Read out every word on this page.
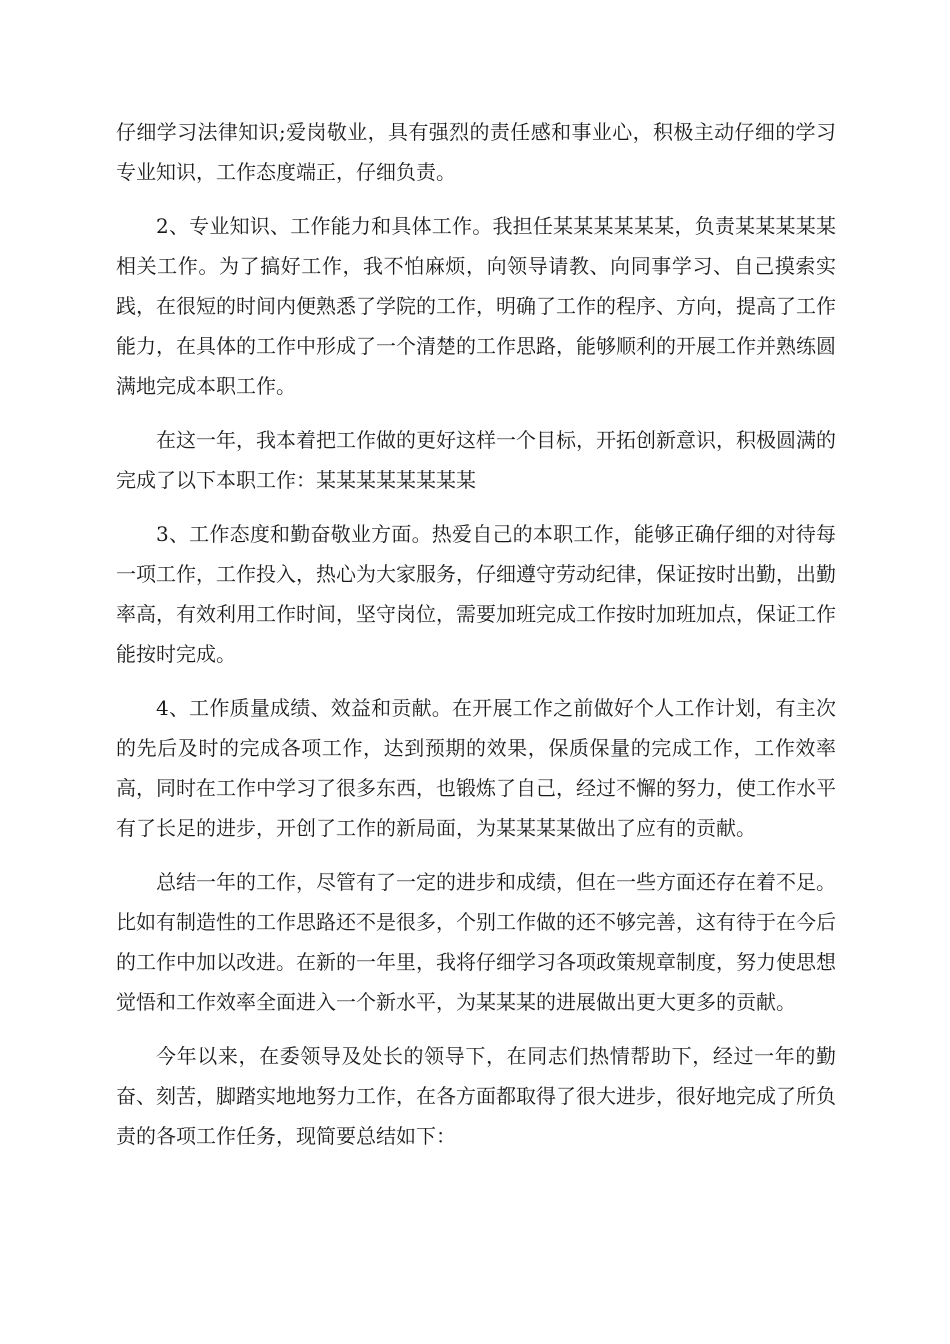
仔细学习法律知识;爱岗敬业，具有强烈的责任感和事业心，积极主动仔细的学习专业知识，工作态度端正，仔细负责。

2、专业知识、工作能力和具体工作。我担任某某某某某某，负责某某某某某相关工作。为了搞好工作，我不怕麻烦，向领导请教、向同事学习、自己摸索实践，在很短的时间内便熟悉了学院的工作，明确了工作的程序、方向，提高了工作能力，在具体的工作中形成了一个清楚的工作思路，能够顺利的开展工作并熟练圆满地完成本职工作。

在这一年，我本着把工作做的更好这样一个目标，开拓创新意识，积极圆满的完成了以下本职工作：某某某某某某某某

3、工作态度和勤奋敬业方面。热爱自己的本职工作，能够正确仔细的对待每一项工作，工作投入，热心为大家服务，仔细遵守劳动纪律，保证按时出勤，出勤率高，有效利用工作时间，坚守岗位，需要加班完成工作按时加班加点，保证工作能按时完成。

4、工作质量成绩、效益和贡献。在开展工作之前做好个人工作计划，有主次的先后及时的完成各项工作，达到预期的效果，保质保量的完成工作，工作效率高，同时在工作中学习了很多东西，也锻炼了自己，经过不懈的努力，使工作水平有了长足的进步，开创了工作的新局面，为某某某某做出了应有的贡献。

总结一年的工作，尽管有了一定的进步和成绩，但在一些方面还存在着不足。比如有制造性的工作思路还不是很多，个别工作做的还不够完善，这有待于在今后的工作中加以改进。在新的一年里，我将仔细学习各项政策规章制度，努力使思想觉悟和工作效率全面进入一个新水平，为某某某的进展做出更大更多的贡献。

今年以来，在委领导及处长的领导下，在同志们热情帮助下，经过一年的勤奋、刻苦，脚踏实地地努力工作，在各方面都取得了很大进步，很好地完成了所负责的各项工作任务，现简要总结如下：
